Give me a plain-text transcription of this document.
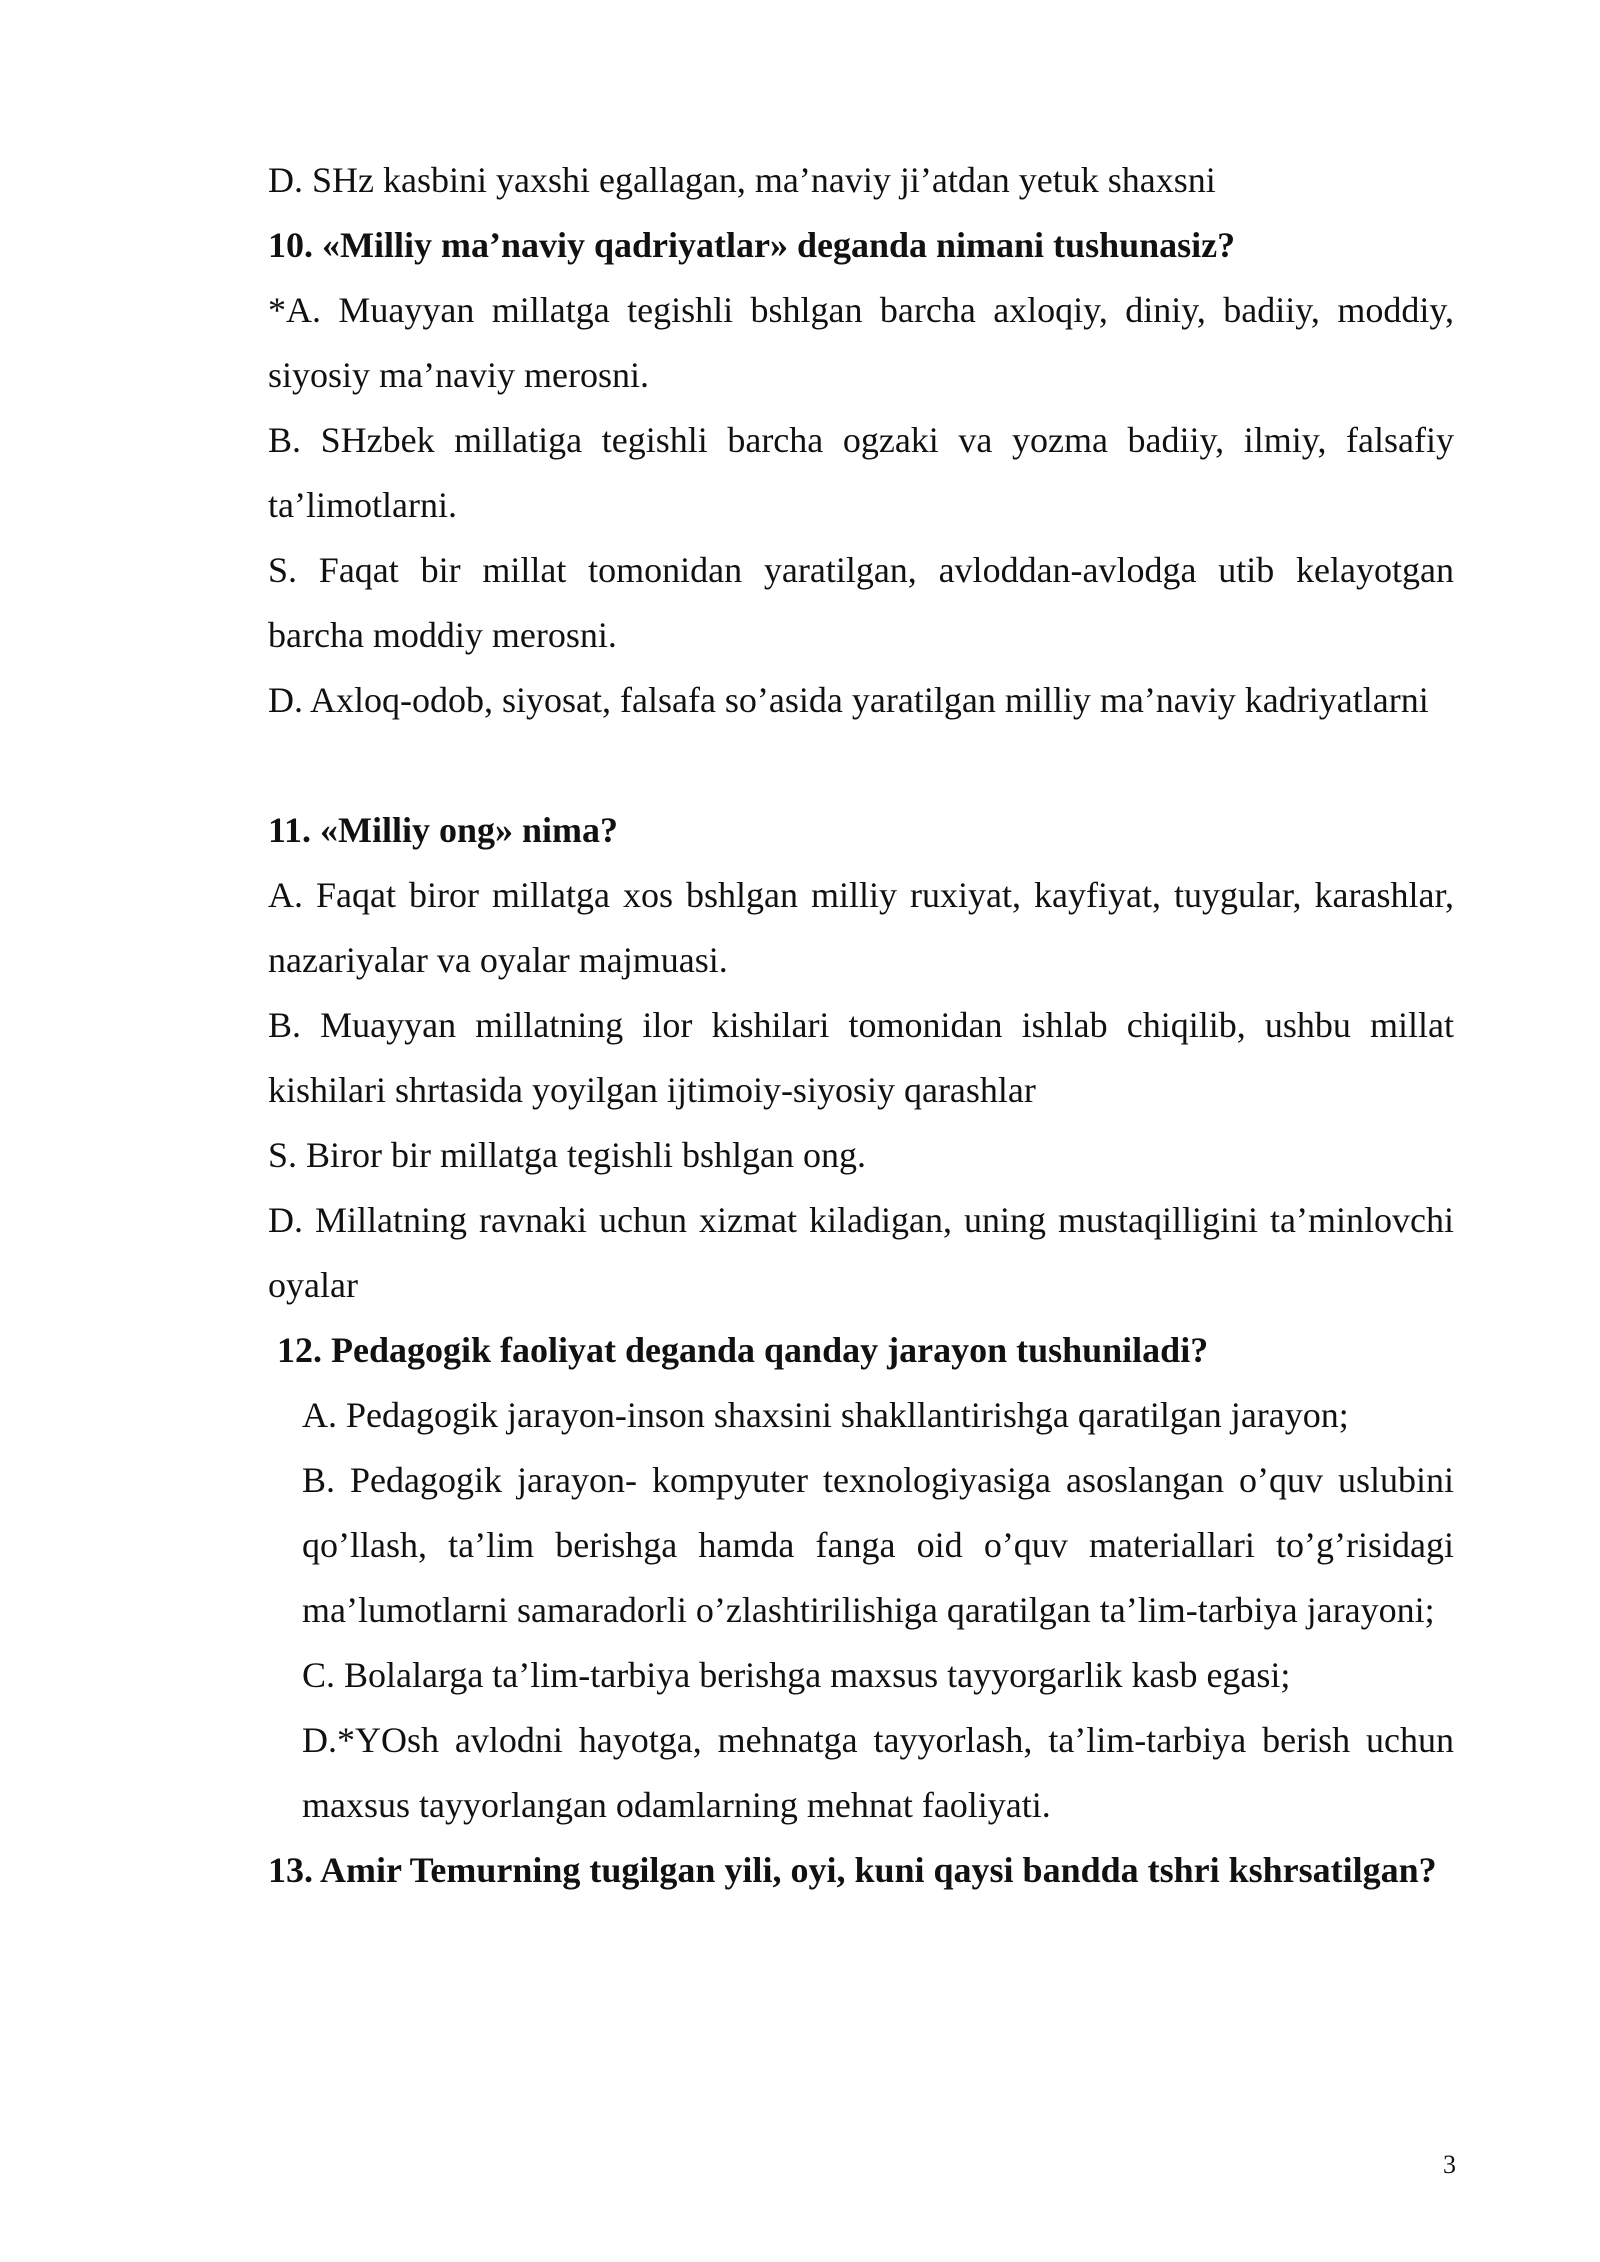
D. SHz kasbini yaxshi egallagan, ma’naviy ji’atdan yetuk shaxsni

10. «Milliy ma’naviy qadriyatlar» deganda nimani tushunasiz?

*A. Muayyan millatga tegishli bshlgan barcha axloqiy, diniy, badiiy, moddiy, siyosiy ma’naviy merosni.

B. SHzbek millatiga tegishli barcha ogzaki va yozma badiiy, ilmiy, falsafiy ta’limotlarni.

S. Faqat bir millat tomonidan yaratilgan, avloddan-avlodga utib kelayotgan barcha moddiy merosni.

D. Axloq-odob, siyosat, falsafa so’asida yaratilgan milliy ma’naviy kadriyatlarni

11. «Milliy ong» nima?

A. Faqat biror millatga xos bshlgan milliy ruxiyat, kayfiyat, tuygular, karashlar, nazariyalar va oyalar majmuasi.

B. Muayyan millatning ilor kishilari tomonidan ishlab chiqilib, ushbu millat kishilari shrtasida yoyilgan ijtimoiy-siyosiy qarashlar

S. Biror bir millatga tegishli bshlgan ong.

D. Millatning ravnaki uchun xizmat kiladigan, uning mustaqilligini ta’minlovchi oyalar

12. Pedagogik faoliyat deganda qanday jarayon tushuniladi?

A. Pedagogik jarayon-inson shaxsini shakllantirishga qaratilgan jarayon;

B. Pedagogik jarayon- kompyuter texnologiyasiga asoslangan o’quv uslubini qo’llash, ta’lim berishga hamda fanga oid o’quv materiallari to’g’risidagi ma’lumotlarni samaradorli o’zlashtirilishiga qaratilgan ta’lim-tarbiya jarayoni;

C. Bolalarga ta’lim-tarbiya berishga maxsus tayyorgarlik kasb egasi;

D.*YOsh avlodni hayotga, mehnatga tayyorlash, ta’lim-tarbiya berish uchun maxsus tayyorlangan odamlarning mehnat faoliyati.

13. Amir Temurning tugilgan yili, oyi, kuni qaysi bandda tshri kshrsatilgan?

3
